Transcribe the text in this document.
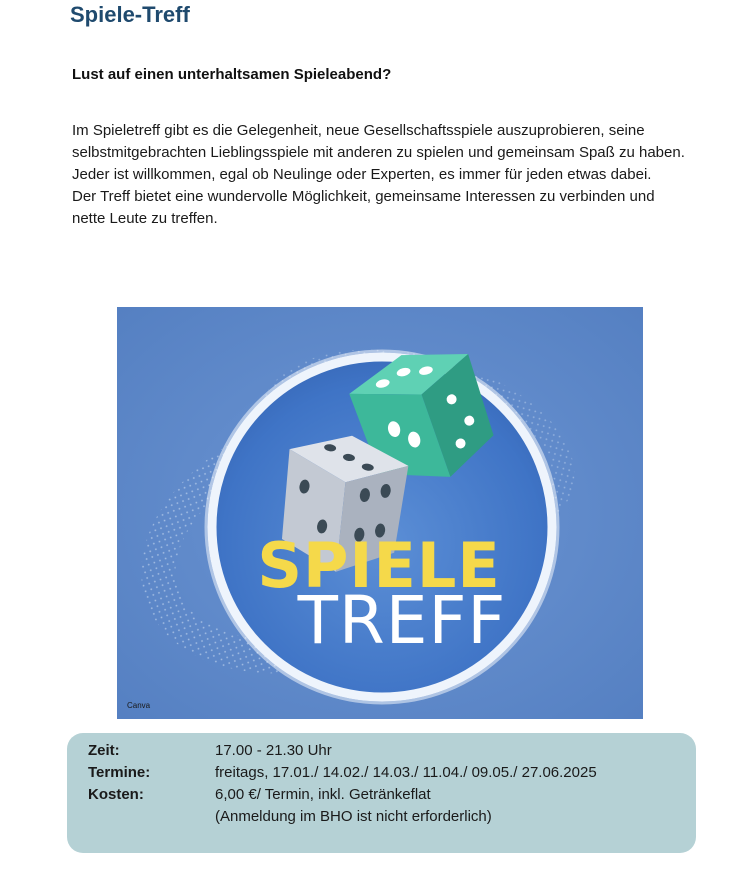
Spiele-Treff
Lust auf einen unterhaltsamen Spieleabend?

Im Spieletreff gibt es die Gelegenheit, neue Gesellschaftsspiele auszuprobieren, seine selbstmitgebrachten Lieblingsspiele mit anderen zu spielen und gemeinsam Spaß zu haben.

Jeder ist willkommen, egal ob Neulinge oder Experten, es immer für jeden etwas dabei.

Der Treff bietet eine wundervolle Möglichkeit, gemeinsame Interessen zu verbinden und nette Leute zu treffen.

SPIELE
TREFF
Canva
Zeit:	17.00 - 21.30 Uhr
Termine:	freitags, 17.01./ 14.02./ 14.03./ 11.04./ 09.05./ 27.06.2025
Kosten:	6,00 €/ Termin, inkl. Getränkeflat
(Anmeldung im BHO ist nicht erforderlich)
